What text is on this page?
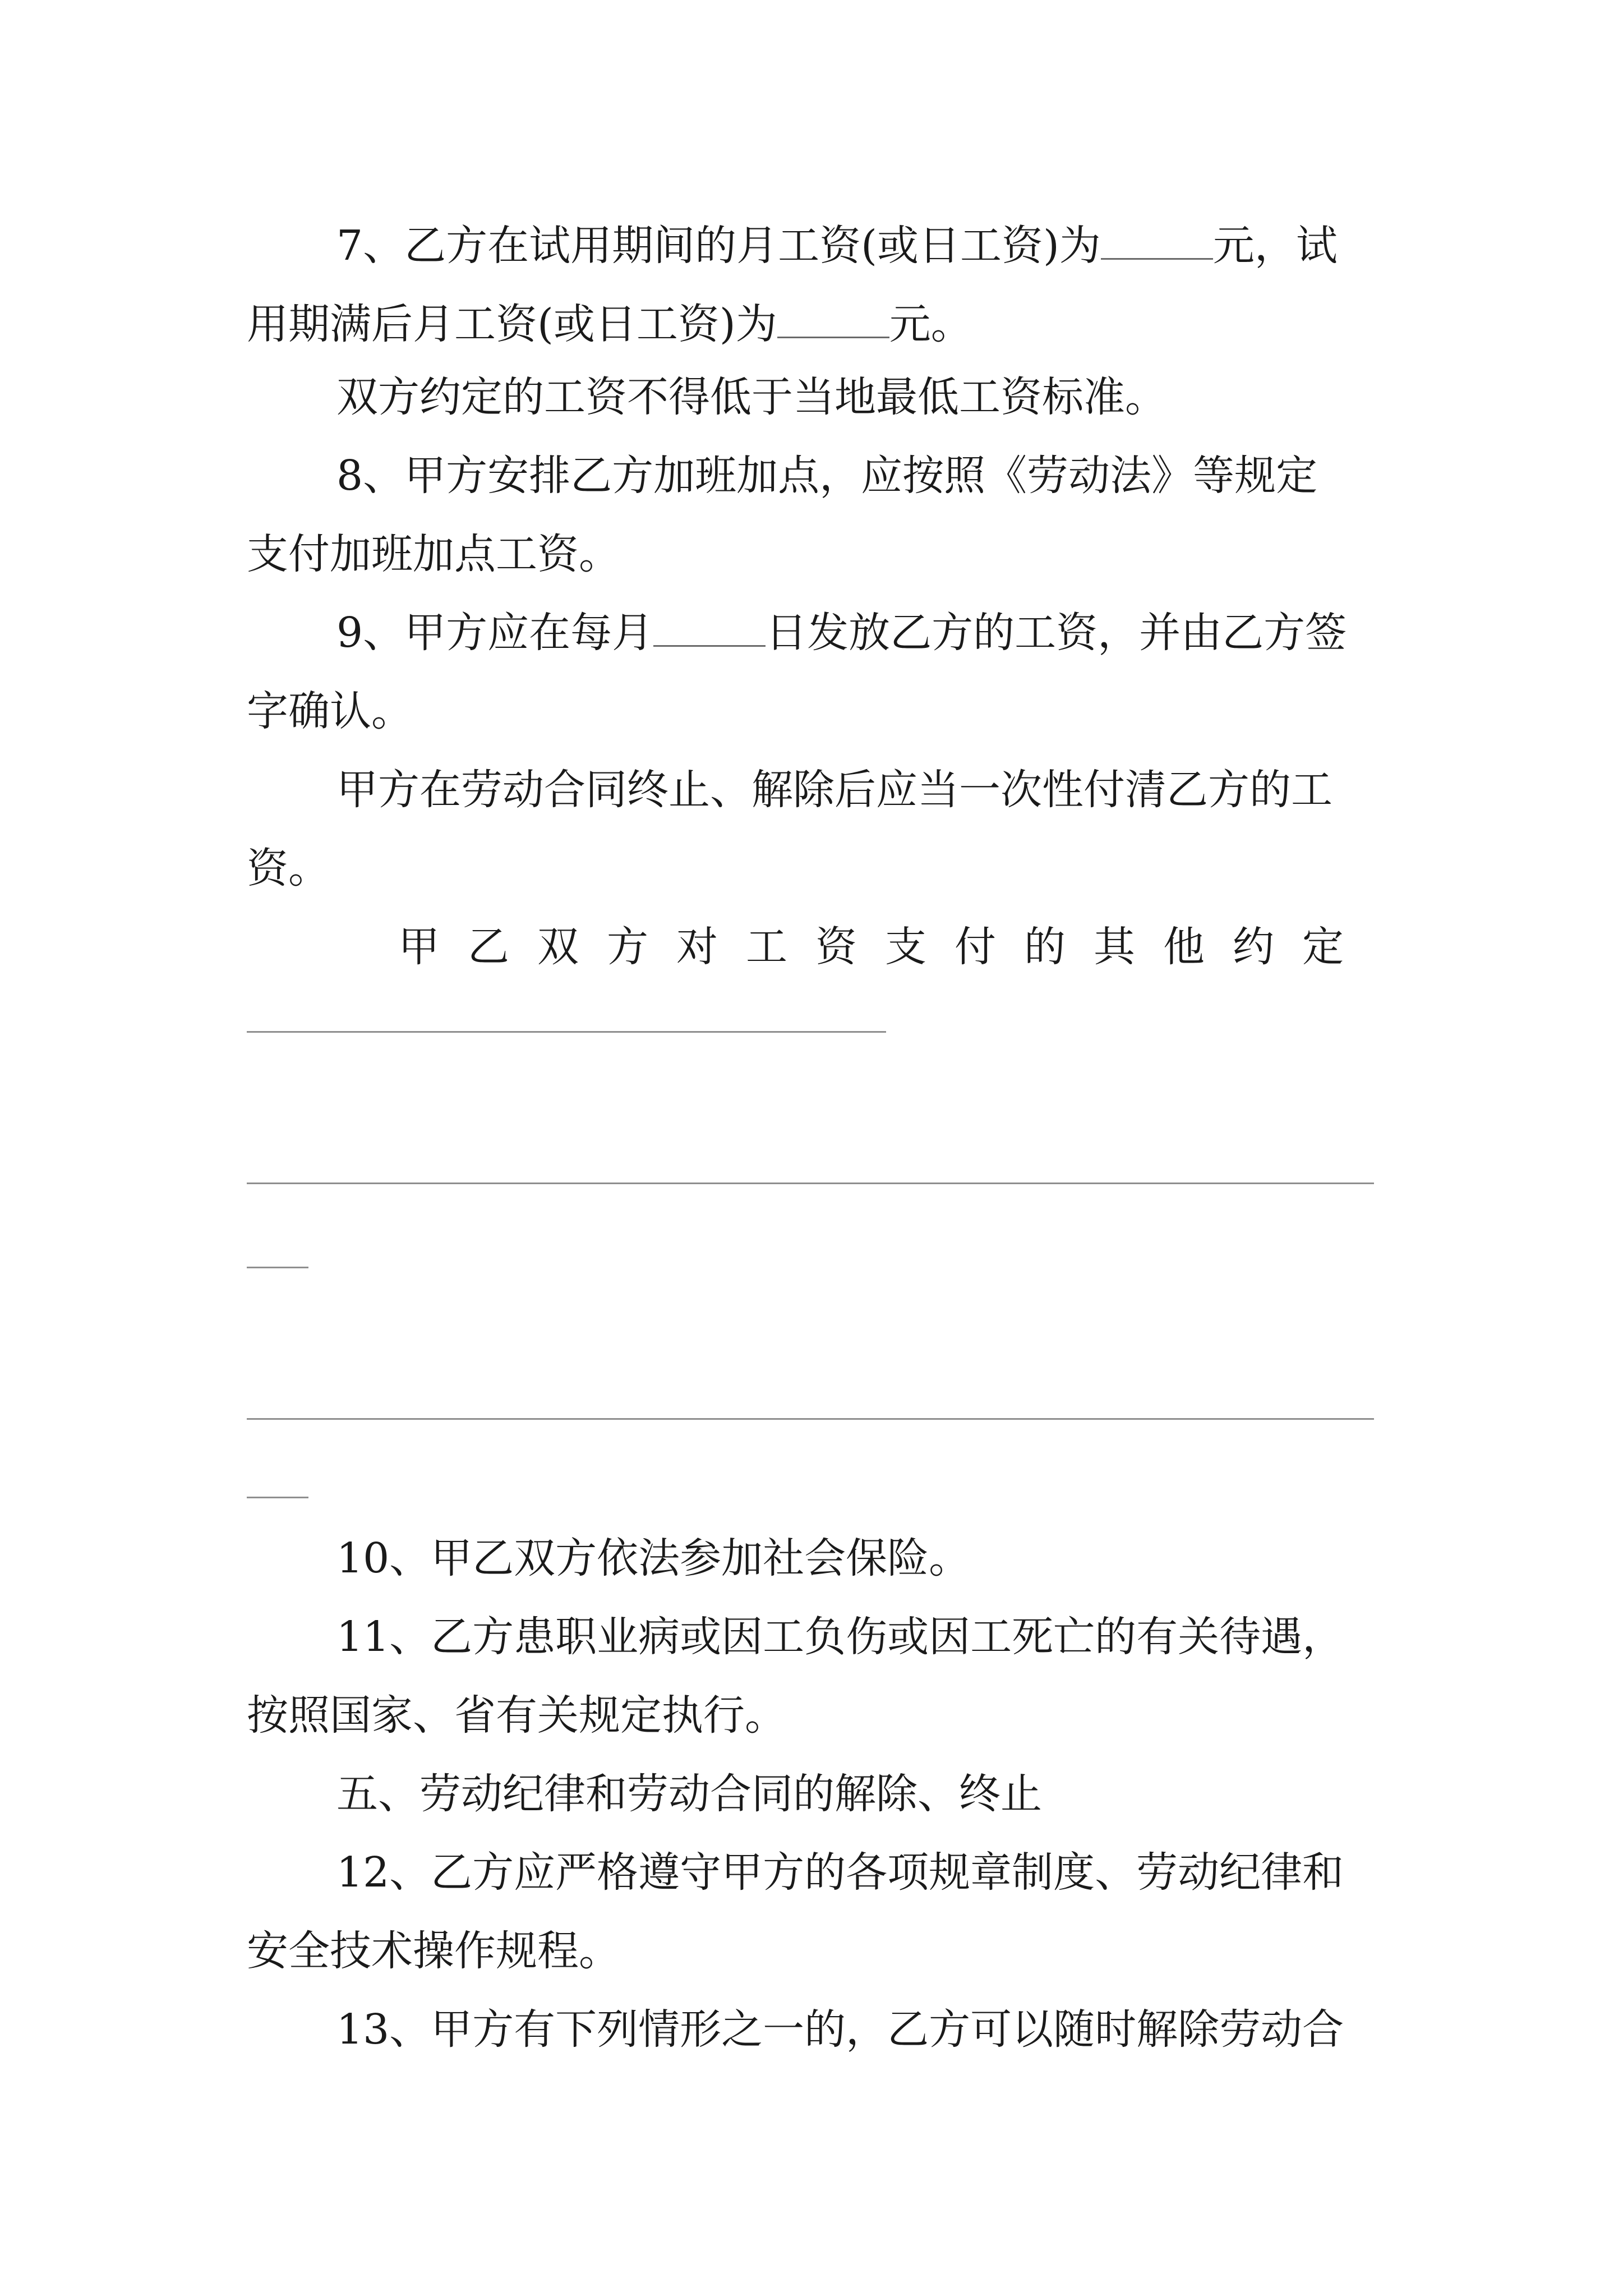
7、乙方在试用期间的月工资(或日工资)为	元，试

用期满后月工资(或日工资)为	元。

双方约定的工资不得低于当地最低工资标准。

8、甲方安排乙方加班加点，应按照《劳动法》等规定

支付加班加点工资。

9、甲方应在每月	日发放乙方的工资，并由乙方签

字确认。

甲方在劳动合同终止、解除后应当一次性付清乙方的工

资。

甲乙双方对工资支付的其他约定

10、甲乙双方依法参加社会保险。

11、乙方患职业病或因工负伤或因工死亡的有关待遇，

按照国家、省有关规定执行。

五、劳动纪律和劳动合同的解除、终止

12、乙方应严格遵守甲方的各项规章制度、劳动纪律和

安全技术操作规程。

13、甲方有下列情形之一的，乙方可以随时解除劳动合
